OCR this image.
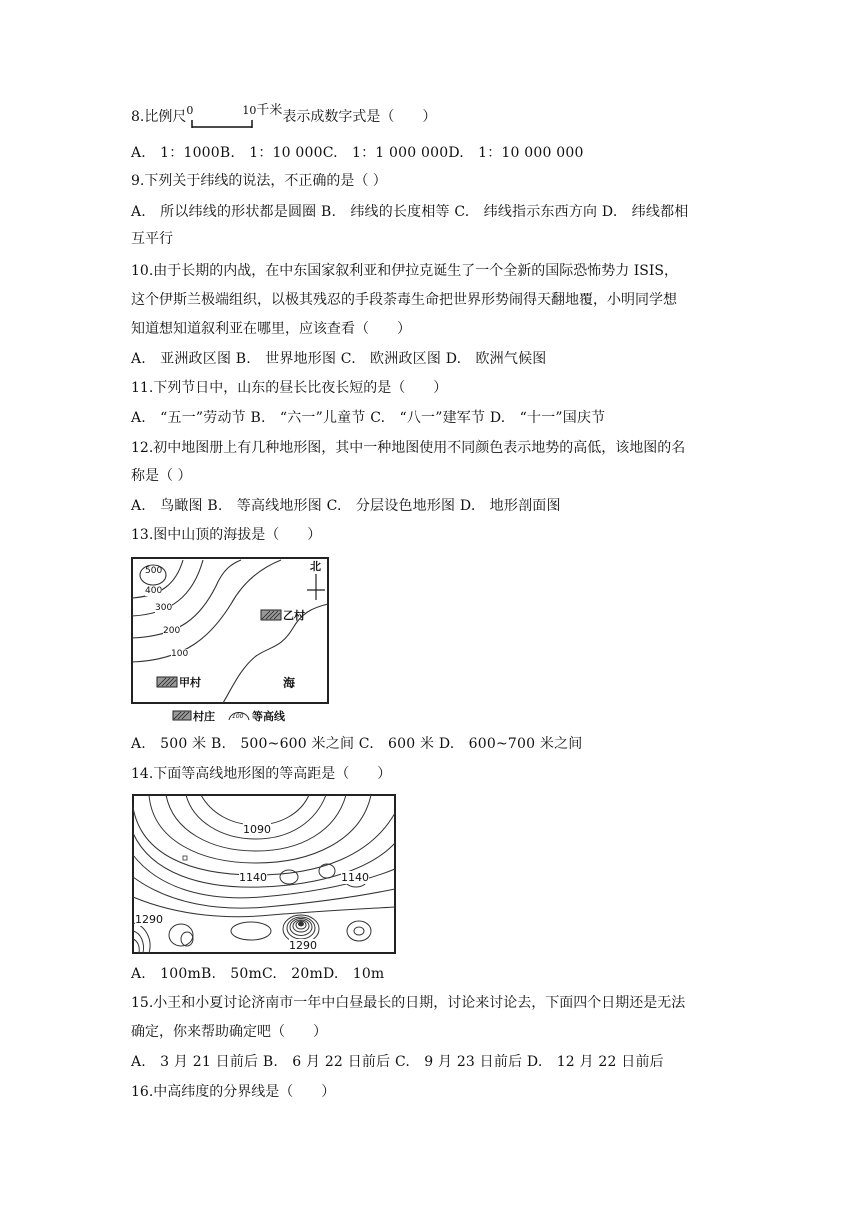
8.比例尺 0	10 千米 表示成数字式是（　　）
A.　1：1000B.　1：10 000C.　1：1 000 000D.　1：10 000 000
9.下列关于纬线的说法，不正确的是（ ）
A.　所以纬线的形状都是圆圈 B.　纬线的长度相等 C.　纬线指示东西方向 D.　纬线都相
互平行
10.由于长期的内战，在中东国家叙利亚和伊拉克诞生了一个全新的国际恐怖势力 ISIS，
这个伊斯兰极端组织，以极其残忍的手段荼毒生命把世界形势闹得天翻地覆，小明同学想
知道想知道叙利亚在哪里，应该查看（　　）
A.　亚洲政区图 B.　世界地形图 C.　欧洲政区图 D.　欧洲气候图
11.下列节日中，山东的昼长比夜长短的是（　　）
A.　“五一”劳动节 B.　“六一”儿童节 C.　“八一”建军节 D.　“十一”国庆节
12.初中地图册上有几种地形图，其中一种地图使用不同颜色表示地势的高低，该地图的名
称是（ ）
A.　鸟瞰图 B.　等高线地形图 C.　分层设色地形图 D.　地形剖面图
13.图中山顶的海拔是（　　）
500
400
300
200
100
北
乙村
甲村	海
村庄	100 等高线
A.　500 米 B.　500~600 米之间 C.　600 米 D.　600~700 米之间
14.下面等高线地形图的等高距是（　　）
1090
1140	1140
1290
1290
A.　100mB.　50mC.　20mD.　10m
15.小王和小夏讨论济南市一年中白昼最长的日期，讨论来讨论去，下面四个日期还是无法
确定，你来帮助确定吧（　　）
A.　3 月 21 日前后 B.　6 月 22 日前后 C.　9 月 23 日前后 D.　12 月 22 日前后
16.中高纬度的分界线是（　　）
